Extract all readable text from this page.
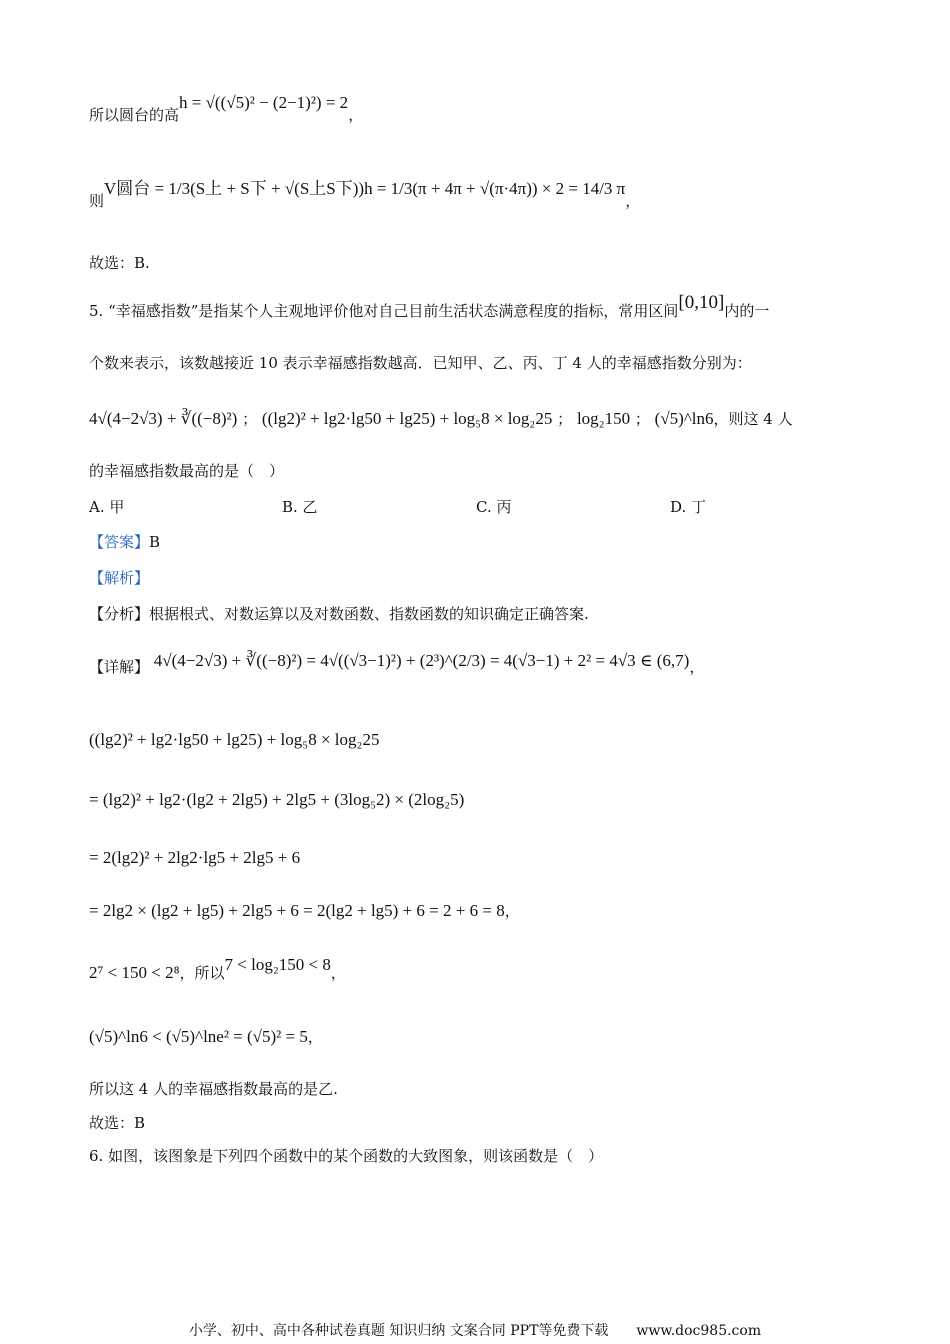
所以圆台的高h = √((√5)² − (2−1)²) = 2，
则V圆台 = 1/3(S上 + S下 + √(S上S下))h = 1/3(π + 4π + √(π·4π)) × 2 = 14/3 π，
故选：B.
5. “幸福感指数”是指某个人主观地评价他对自己目前生活状态满意程度的指标，常用区间[0,10]内的一
个数来表示，该数越接近 10 表示幸福感指数越高．已知甲、乙、丙、丁 4 人的幸福感指数分别为：
4√(4−2√3) + ∛((−8)²) ； ((lg2)² + lg2·lg50 + lg25) + log₅8 × log₂25 ； log₂150 ； (√5)^ln6，则这 4 人
的幸福感指数最高的是（　）
A. 甲	B. 乙	C. 丙	D. 丁
【答案】B
【解析】
【分析】根据根式、对数运算以及对数函数、指数函数的知识确定正确答案.
【详解】 4√(4−2√3) + ∛((−8)²) = 4√((√3−1)²) + (2³)^(2/3) = 4(√3−1) + 2² = 4√3 ∈ (6,7)，
((lg2)² + lg2·lg50 + lg25) + log₅8 × log₂25
= (lg2)² + lg2·(lg2 + 2lg5) + 2lg5 + (3log₅2) × (2log₂5)
= 2(lg2)² + 2lg2·lg5 + 2lg5 + 6
= 2lg2 × (lg2 + lg5) + 2lg5 + 6 = 2(lg2 + lg5) + 6 = 2 + 6 = 8，
2⁷ < 150 < 2⁸，所以7 < log₂150 < 8，
(√5)^ln6 < (√5)^lne² = (√5)² = 5，
所以这 4 人的幸福感指数最高的是乙.
故选：B
6. 如图，该图象是下列四个函数中的某个函数的大致图象，则该函数是（　）
小学、初中、高中各种试卷真题 知识归纳 文案合同 PPT等免费下载　　www.doc985.com
